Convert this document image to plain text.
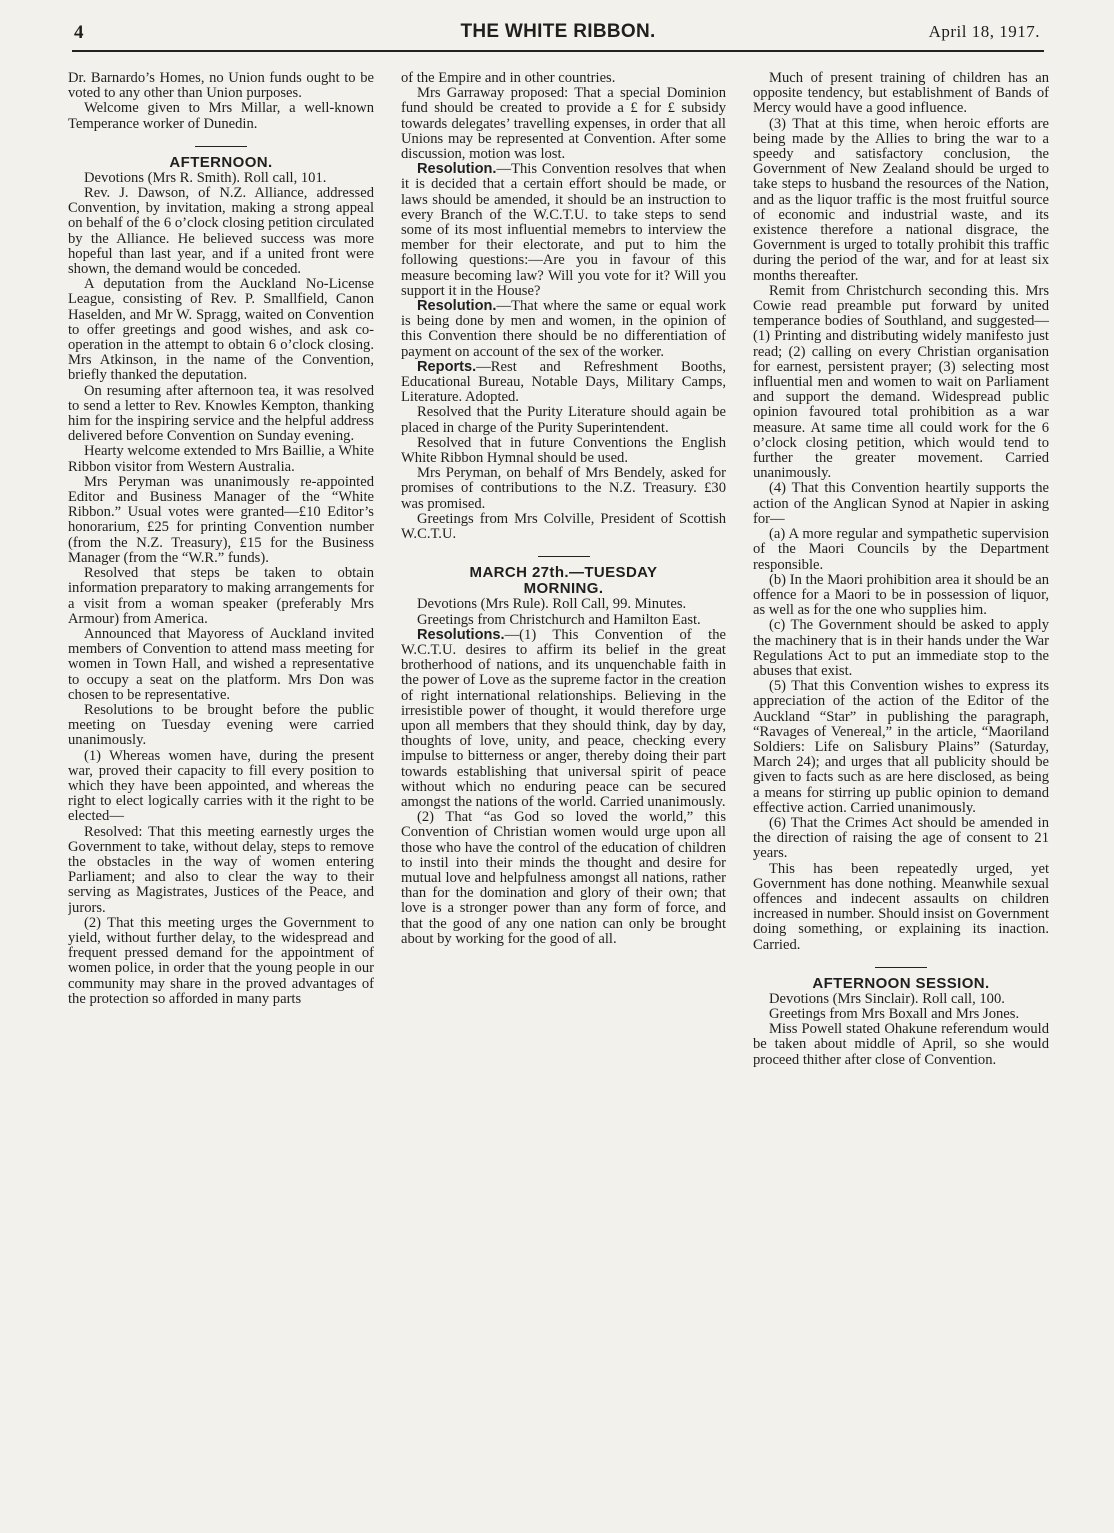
4	THE WHITE RIBBON.	April 18, 1917.

Dr. Barnardo’s Homes, no Union funds ought to be voted to any other than Union purposes.

Welcome given to Mrs Millar, a well-known Temperance worker of Dunedin.

AFTERNOON.

Devotions (Mrs R. Smith). Roll call, 101.

Rev. J. Dawson, of N.Z. Alliance, addressed Convention, by invitation, making a strong appeal on behalf of the 6 o’clock closing petition circulated by the Alliance. He believed success was more hopeful than last year, and if a united front were shown, the demand would be conceded.

A deputation from the Auckland No-License League, consisting of Rev. P. Smallfield, Canon Haselden, and Mr W. Spragg, waited on Convention to offer greetings and good wishes, and ask co-operation in the attempt to obtain 6 o’clock closing. Mrs Atkinson, in the name of the Convention, briefly thanked the deputation.

On resuming after afternoon tea, it was resolved to send a letter to Rev. Knowles Kempton, thanking him for the inspiring service and the helpful address delivered before Convention on Sunday evening.

Hearty welcome extended to Mrs Baillie, a White Ribbon visitor from Western Australia.

Mrs Peryman was unanimously re-appointed Editor and Business Manager of the “White Ribbon.” Usual votes were granted—£10 Editor’s honorarium, £25 for printing Convention number (from the N.Z. Treasury), £15 for the Business Manager (from the “W.R.” funds).

Resolved that steps be taken to obtain information preparatory to making arrangements for a visit from a woman speaker (preferably Mrs Armour) from America.

Announced that Mayoress of Auckland invited members of Convention to attend mass meeting for women in Town Hall, and wished a representative to occupy a seat on the platform. Mrs Don was chosen to be representative.

Resolutions to be brought before the public meeting on Tuesday evening were carried unanimously.

(1) Whereas women have, during the present war, proved their capacity to fill every position to which they have been appointed, and whereas the right to elect logically carries with it the right to be elected—

Resolved: That this meeting earnestly urges the Government to take, without delay, steps to remove the obstacles in the way of women entering Parliament; and also to clear the way to their serving as Magistrates, Justices of the Peace, and jurors.

(2) That this meeting urges the Government to yield, without further delay, to the widespread and frequent pressed demand for the appointment of women police, in order that the young people in our community may share in the proved advantages of the protection so afforded in many parts

of the Empire and in other countries.

Mrs Garraway proposed: That a special Dominion fund should be created to provide a £ for £ subsidy towards delegates’ travelling expenses, in order that all Unions may be represented at Convention. After some discussion, motion was lost.

Resolution.—This Convention resolves that when it is decided that a certain effort should be made, or laws should be amended, it should be an instruction to every Branch of the W.C.T.U. to take steps to send some of its most influential memebrs to interview the member for their electorate, and put to him the following questions:—Are you in favour of this measure becoming law? Will you vote for it? Will you support it in the House?

Resolution.—That where the same or equal work is being done by men and women, in the opinion of this Convention there should be no differentiation of payment on account of the sex of the worker.

Reports.—Rest and Refreshment Booths, Educational Bureau, Notable Days, Military Camps, Literature. Adopted.

Resolved that the Purity Literature should again be placed in charge of the Purity Superintendent.

Resolved that in future Conventions the English White Ribbon Hymnal should be used.

Mrs Peryman, on behalf of Mrs Bendely, asked for promises of contributions to the N.Z. Treasury. £30 was promised.

Greetings from Mrs Colville, President of Scottish W.C.T.U.

MARCH 27th.—TUESDAY
MORNING.

Devotions (Mrs Rule). Roll Call, 99. Minutes.

Greetings from Christchurch and Hamilton East.

Resolutions.—(1) This Convention of the W.C.T.U. desires to affirm its belief in the great brotherhood of nations, and its unquenchable faith in the power of Love as the supreme factor in the creation of right international relationships. Believing in the irresistible power of thought, it would therefore urge upon all members that they should think, day by day, thoughts of love, unity, and peace, checking every impulse to bitterness or anger, thereby doing their part towards establishing that universal spirit of peace without which no enduring peace can be secured amongst the nations of the world. Carried unanimously.

(2) That “as God so loved the world,” this Convention of Christian women would urge upon all those who have the control of the education of children to instil into their minds the thought and desire for mutual love and helpfulness amongst all nations, rather than for the domination and glory of their own; that love is a stronger power than any form of force, and that the good of any one nation can only be brought about by working for the good of all.

Much of present training of children has an opposite tendency, but establishment of Bands of Mercy would have a good influence.

(3) That at this time, when heroic efforts are being made by the Allies to bring the war to a speedy and satisfactory conclusion, the Government of New Zealand should be urged to take steps to husband the resources of the Nation, and as the liquor traffic is the most fruitful source of economic and industrial waste, and its existence therefore a national disgrace, the Government is urged to totally prohibit this traffic during the period of the war, and for at least six months thereafter.

Remit from Christchurch seconding this. Mrs Cowie read preamble put forward by united temperance bodies of Southland, and suggested—(1) Printing and distributing widely manifesto just read; (2) calling on every Christian organisation for earnest, persistent prayer; (3) selecting most influential men and women to wait on Parliament and support the demand. Widespread public opinion favoured total prohibition as a war measure. At same time all could work for the 6 o’clock closing petition, which would tend to further the greater movement. Carried unanimously.

(4) That this Convention heartily supports the action of the Anglican Synod at Napier in asking for—

(a) A more regular and sympathetic supervision of the Maori Councils by the Department responsible.

(b) In the Maori prohibition area it should be an offence for a Maori to be in possession of liquor, as well as for the one who supplies him.

(c) The Government should be asked to apply the machinery that is in their hands under the War Regulations Act to put an immediate stop to the abuses that exist.

(5) That this Convention wishes to express its appreciation of the action of the Editor of the Auckland “Star” in publishing the paragraph, “Ravages of Venereal,” in the article, “Maoriland Soldiers: Life on Salisbury Plains” (Saturday, March 24); and urges that all publicity should be given to facts such as are here disclosed, as being a means for stirring up public opinion to demand effective action. Carried unanimously.

(6) That the Crimes Act should be amended in the direction of raising the age of consent to 21 years.

This has been repeatedly urged, yet Government has done nothing. Meanwhile sexual offences and indecent assaults on children increased in number. Should insist on Government doing something, or explaining its inaction. Carried.

AFTERNOON SESSION.

Devotions (Mrs Sinclair). Roll call, 100.

Greetings from Mrs Boxall and Mrs Jones.

Miss Powell stated Ohakune referendum would be taken about middle of April, so she would proceed thither after close of Convention.
